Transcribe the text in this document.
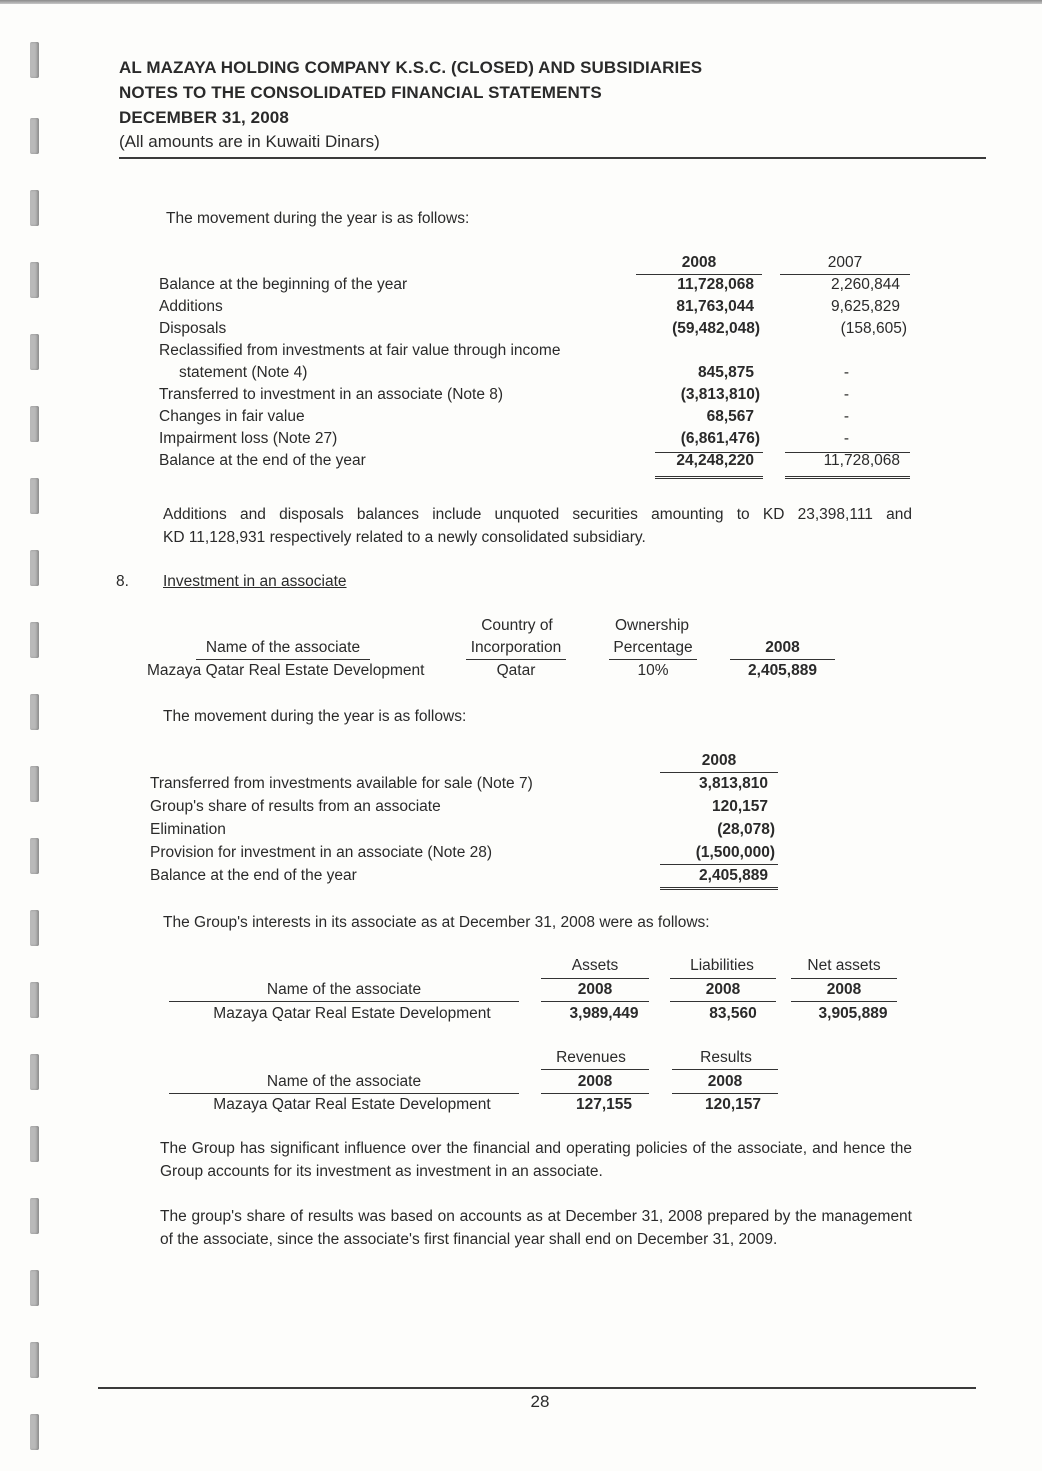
AL MAZAYA HOLDING COMPANY K.S.C. (CLOSED) AND SUBSIDIARIES
NOTES TO THE CONSOLIDATED FINANCIAL STATEMENTS
DECEMBER 31, 2008
(All amounts are in Kuwaiti Dinars)
The movement during the year is as follows:
2008	2007
Balance at the beginning of the year	11,728,068	2,260,844
Additions	81,763,044	9,625,829
Disposals	(59,482,048)	(158,605)
Reclassified from investments at fair value through income
statement (Note 4)	845,875	-
Transferred to investment in an associate (Note 8)	(3,813,810)	-
Changes in fair value	68,567	-
Impairment loss (Note 27)	(6,861,476)	-
Balance at the end of the year	24,248,220	11,728,068
Additions and disposals balances include unquoted securities amounting to KD 23,398,111 and
KD 11,128,931 respectively related to a newly consolidated subsidiary.
8. Investment in an associate
Country of	Ownership
Name of the associate	Incorporation	Percentage	2008
Mazaya Qatar Real Estate Development	Qatar	10%	2,405,889
The movement during the year is as follows:
2008
Transferred from investments available for sale (Note 7)	3,813,810
Group's share of results from an associate	120,157
Elimination	(28,078)
Provision for investment in an associate (Note 28)	(1,500,000)
Balance at the end of the year	2,405,889
The Group's interests in its associate as at December 31, 2008 were as follows:
Assets	Liabilities	Net assets
Name of the associate	2008	2008	2008
Mazaya Qatar Real Estate Development	3,989,449	83,560	3,905,889
Revenues	Results
Name of the associate	2008	2008
Mazaya Qatar Real Estate Development	127,155	120,157
The Group has significant influence over the financial and operating policies of the associate, and hence the
Group accounts for its investment as investment in an associate.
The group's share of results was based on accounts as at December 31, 2008 prepared by the management
of the associate, since the associate's first financial year shall end on December 31, 2009.
28
